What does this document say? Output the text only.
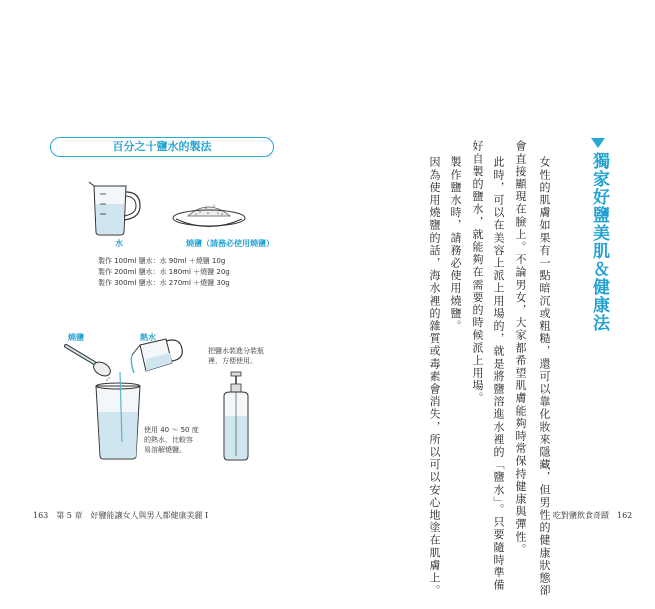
百分之十鹽水的製法
水	燒鹽（請務必使用燒鹽）
製作 100ml 鹽水：水 90ml ＋燒鹽 10g
製作 200ml 鹽水：水 180ml ＋燒鹽 20g
製作 300ml 鹽水：水 270ml ＋燒鹽 30g
燒鹽	熱水
使用 40 ～ 50 度
的熱水，比較容
易溶解燒鹽。
把鹽水裝進分裝瓶
裡，方便使用。
163　第 5 章　好鹽能讓女人與男人都健康美麗 I
獨家好鹽美肌＆健康法
女性的肌膚如果有一點暗沉或粗糙，還可以靠化妝來隱藏，但男性的健康狀態卻
會直接顯現在臉上。不論男女，大家都希望肌膚能夠時常保持健康與彈性。
此時，可以在美容上派上用場的，就是將鹽溶進水裡的「鹽水」。只要隨時準備
好自製的鹽水，就能夠在需要的時候派上用場。
製作鹽水時，請務必使用燒鹽。
因為使用燒鹽的話，海水裡的雜質或毒素會消失，所以可以安心地塗在肌膚上。	吃對鹽飲食奇蹟　162
